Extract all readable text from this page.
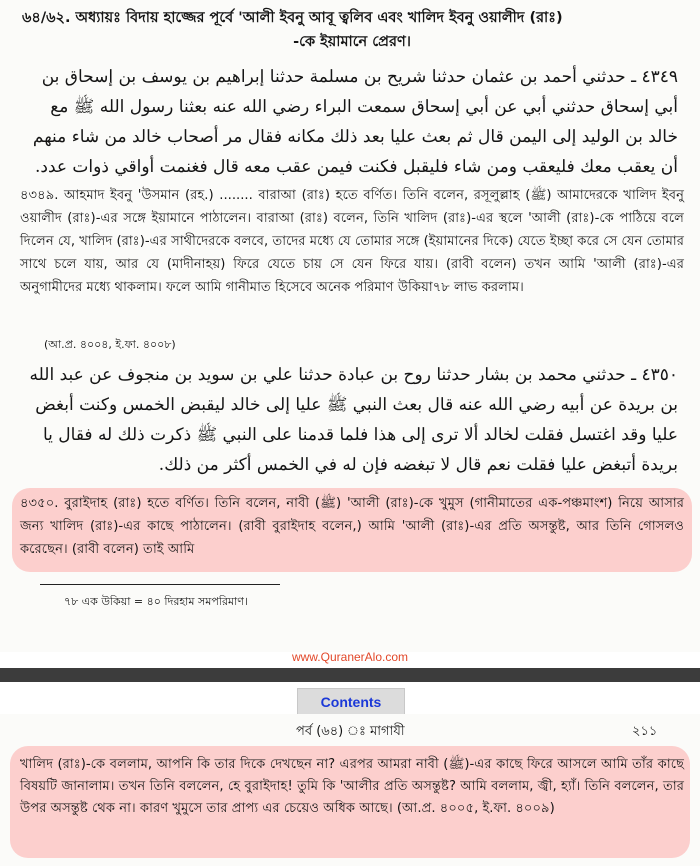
৬৪/৬২. অধ্যায়ঃ বিদায় হাজ্জের পূর্বে 'আলী ইবনু আবূ ত্বলিব এবং খালিদ ইবনু ওয়ালীদ (রাঃ)
-কে ইয়ামানে প্রেরণ।
٤٣٤٩ ـ حدثني أحمد بن عثمان حدثنا شريح بن مسلمة حدثنا إبراهيم بن يوسف بن إسحاق بن أبي إسحاق حدثني أبي عن أبي إسحاق سمعت البراء رضي الله عنه بعثنا رسول الله ﷺ مع خالد بن الوليد إلى اليمن قال ثم بعث عليا بعد ذلك مكانه فقال مر أصحاب خالد من شاء منهم أن يعقب معك فليعقب ومن شاء فليقبل فكنت فيمن عقب معه قال فغنمت أواقي ذوات عدد.
৪৩৪৯. আহমাদ ইবনু 'উসমান (রহ.) ........ বারাআ (রাঃ) হতে বর্ণিত। তিনি বলেন, রসূলুল্লাহ (ﷺ) আমাদেরকে খালিদ ইবনু ওয়ালীদ (রাঃ)-এর সঙ্গে ইয়ামানে পাঠালেন। বারাআ (রাঃ) বলেন, তিনি খালিদ (রাঃ)-এর স্থলে 'আলী (রাঃ)-কে পাঠিয়ে বলে দিলেন যে, খালিদ (রাঃ)-এর সাথীদেরকে বলবে, তাদের মধ্যে যে তোমার সঙ্গে (ইয়ামানের দিকে) যেতে ইচ্ছা করে সে যেন তোমার সাথে চলে যায়, আর যে (মাদীনাহয়) ফিরে যেতে চায় সে যেন ফিরে যায়। (রাবী বলেন) তখন আমি 'আলী (রাঃ)-এর অনুগামীদের মধ্যে থাকলাম। ফলে আমি গানীমাত হিসেবে অনেক পরিমাণ উকিয়া৭৮ লাভ করলাম।
(আ.প্র. ৪০০৪, ই.ফা. ৪০০৮)
٤٣٥٠ ـ حدثني محمد بن بشار حدثنا روح بن عبادة حدثنا علي بن سويد بن منجوف عن عبد الله بن بريدة عن أبيه رضي الله عنه قال بعث النبي ﷺ عليا إلى خالد ليقبض الخمس وكنت أبغض عليا وقد اغتسل فقلت لخالد ألا ترى إلى هذا فلما قدمنا على النبي ﷺ ذكرت ذلك له فقال يا بريدة أتبغض عليا فقلت نعم قال لا تبغضه فإن له في الخمس أكثر من ذلك.
৪৩৫০. বুরাইদাহ (রাঃ) হতে বর্ণিত। তিনি বলেন, নাবী (ﷺ) 'আলী (রাঃ)-কে খুমুস (গানীমাতের এক-পঞ্চমাংশ) নিয়ে আসার জন্য খালিদ (রাঃ)-এর কাছে পাঠালেন। (রাবী বুরাইদাহ বলেন,) আমি 'আলী (রাঃ)-এর প্রতি অসন্তুষ্ট, আর তিনি গোসলও করেছেন। (রাবী বলেন) তাই আমি
৭৮ এক উকিয়া = ৪০ দিরহাম সমপরিমাণ।
www.QuranerAlo.com
Contents
পর্ব (৬৪) ঃ মাগাযী	২১১
খালিদ (রাঃ)-কে বললাম, আপনি কি তার দিকে দেখছেন না? এরপর আমরা নাবী (ﷺ)-এর কাছে ফিরে আসলে আমি তাঁর কাছে বিষয়টি জানালাম। তখন তিনি বললেন, হে বুরাইদাহ! তুমি কি 'আলীর প্রতি অসন্তুষ্ট? আমি বললাম, জ্বী, হ্যাঁ। তিনি বললেন, তার উপর অসন্তুষ্ট থেক না। কারণ খুমুসে তার প্রাপ্য এর চেয়েও অধিক আছে। (আ.প্র. ৪০০৫, ই.ফা. ৪০০৯)
